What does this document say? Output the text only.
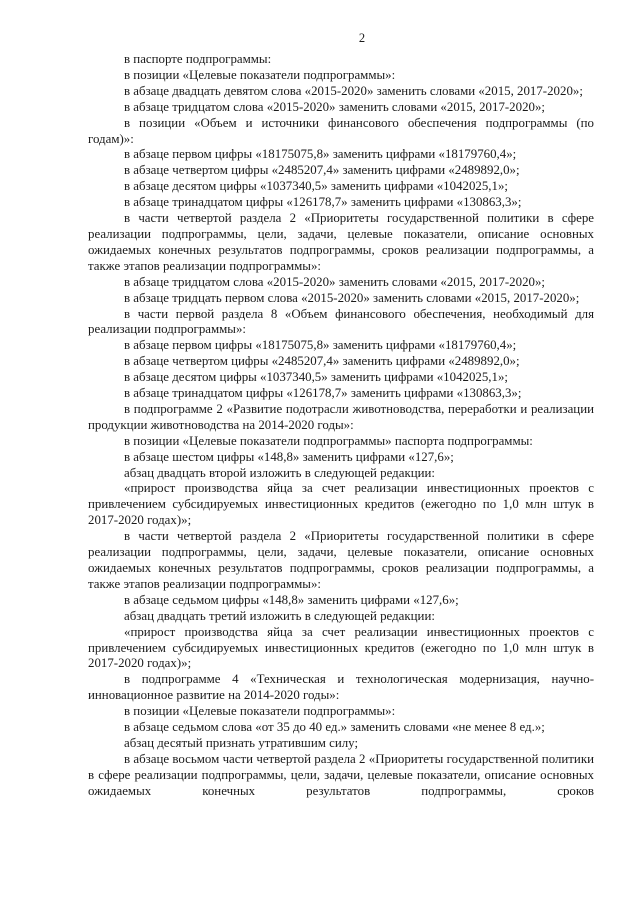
2

в паспорте подпрограммы:

в позиции «Целевые показатели подпрограммы»:

в абзаце двадцать девятом слова «2015-2020» заменить словами «2015, 2017-2020»;

в абзаце тридцатом слова «2015-2020» заменить словами «2015, 2017-2020»;

в позиции «Объем и источники финансового обеспечения подпрограммы (по годам)»:

в абзаце первом цифры «18175075,8» заменить цифрами «18179760,4»;

в абзаце четвертом цифры «2485207,4» заменить цифрами «2489892,0»;

в абзаце десятом цифры «1037340,5» заменить цифрами «1042025,1»;

в абзаце тринадцатом цифры «126178,7» заменить цифрами «130863,3»;

в части четвертой раздела 2 «Приоритеты государственной политики в сфере реализации подпрограммы, цели, задачи, целевые показатели, описание основных ожидаемых конечных результатов подпрограммы, сроков реализации подпрограммы, а также этапов реализации подпрограммы»:

в абзаце тридцатом слова «2015-2020» заменить словами «2015, 2017-2020»;

в абзаце тридцать первом слова «2015-2020» заменить словами «2015, 2017-2020»;

в части первой раздела 8 «Объем финансового обеспечения, необходимый для реализации подпрограммы»:

в абзаце первом цифры «18175075,8» заменить цифрами «18179760,4»;

в абзаце четвертом цифры «2485207,4» заменить цифрами «2489892,0»;

в абзаце десятом цифры «1037340,5» заменить цифрами «1042025,1»;

в абзаце тринадцатом цифры «126178,7» заменить цифрами «130863,3»;

в подпрограмме 2 «Развитие подотрасли животноводства, переработки и реализации продукции животноводства на 2014-2020 годы»:

в позиции «Целевые показатели подпрограммы» паспорта подпрограммы:

в абзаце шестом цифры «148,8» заменить цифрами «127,6»;

абзац двадцать второй изложить в следующей редакции:

«прирост производства яйца за счет реализации инвестиционных проектов с привлечением субсидируемых инвестиционных кредитов (ежегодно по 1,0 млн штук в 2017-2020 годах)»;

в части четвертой раздела 2 «Приоритеты государственной политики в сфере реализации подпрограммы, цели, задачи, целевые показатели, описание основных ожидаемых конечных результатов подпрограммы, сроков реализации подпрограммы, а также этапов реализации подпрограммы»:

в абзаце седьмом цифры «148,8» заменить цифрами «127,6»;

абзац двадцать третий изложить в следующей редакции:

«прирост производства яйца за счет реализации инвестиционных проектов с привлечением субсидируемых инвестиционных кредитов (ежегодно по 1,0 млн штук в 2017-2020 годах)»;

в подпрограмме 4 «Техническая и технологическая модернизация, научно-инновационное развитие на 2014-2020 годы»:

в позиции «Целевые показатели подпрограммы»:

в абзаце седьмом слова «от 35 до 40 ед.» заменить словами «не менее 8 ед.»;

абзац десятый признать утратившим силу;

в абзаце восьмом части четвертой раздела 2 «Приоритеты государственной политики в сфере реализации подпрограммы, цели, задачи, целевые показатели, описание основных ожидаемых конечных результатов подпрограммы, сроков
